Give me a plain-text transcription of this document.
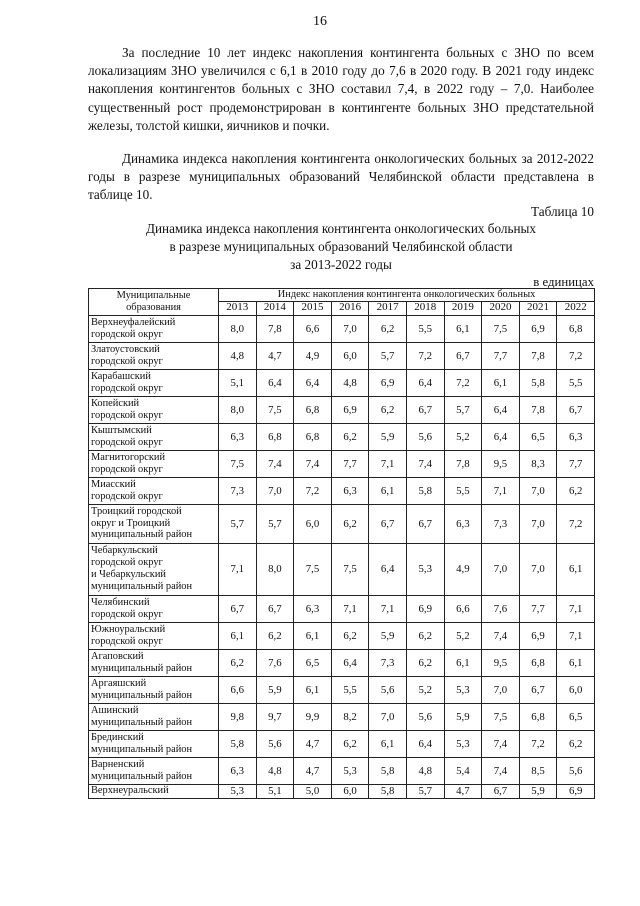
16

За последние 10 лет индекс накопления контингента больных с ЗНО по всем локализациям ЗНО увеличился с 6,1 в 2010 году до 7,6 в 2020 году. В 2021 году индекс накопления контингентов больных с ЗНО составил 7,4, в 2022 году – 7,0. Наиболее существенный рост продемонстрирован в контингенте больных ЗНО предстательной железы, толстой кишки, яичников и почки.

Динамика индекса накопления контингента онкологических больных за 2012-2022 годы в разрезе муниципальных образований Челябинской области представлена в таблице 10.

Таблица 10
Динамика индекса накопления контингента онкологических больных
в разрезе муниципальных образований Челябинской области
за 2013-2022 годы
в единицах
Муниципальные образования	Индекс накопления контингента онкологических больных									
	2013	2014	2015	2016	2017	2018	2019	2020	2021	2022

Верхнеуфалейский
городской округ	8,0	7,8	6,6	7,0	6,2	5,5	6,1	7,5	6,9	6,8

Златоустовский
городской округ	4,8	4,7	4,9	6,0	5,7	7,2	6,7	7,7	7,8	7,2

Карабашский
городской округ	5,1	6,4	6,4	4,8	6,9	6,4	7,2	6,1	5,8	5,5

Копейский
городской округ	8,0	7,5	6,8	6,9	6,2	6,7	5,7	6,4	7,8	6,7

Кыштымский
городской округ	6,3	6,8	6,8	6,2	5,9	5,6	5,2	6,4	6,5	6,3

Магнитогорский
городской округ	7,5	7,4	7,4	7,7	7,1	7,4	7,8	9,5	8,3	7,7

Миасский
городской округ	7,3	7,0	7,2	6,3	6,1	5,8	5,5	7,1	7,0	6,2

Троицкий городской
округ и Троицкий
муниципальный район	5,7	5,7	6,0	6,2	6,7	6,7	6,3	7,3	7,0	7,2

Чебаркульский
городской округ
и Чебаркульский
муниципальный район	7,1	8,0	7,5	7,5	6,4	5,3	4,9	7,0	7,0	6,1

Челябинский
городской округ	6,7	6,7	6,3	7,1	7,1	6,9	6,6	7,6	7,7	7,1

Южноуральский
городской округ	6,1	6,2	6,1	6,2	5,9	6,2	5,2	7,4	6,9	7,1

Агаповский
муниципальный район	6,2	7,6	6,5	6,4	7,3	6,2	6,1	9,5	6,8	6,1

Аргаяшский
муниципальный район	6,6	5,9	6,1	5,5	5,6	5,2	5,3	7,0	6,7	6,0

Ашинский
муниципальный район	9,8	9,7	9,9	8,2	7,0	5,6	5,9	7,5	6,8	6,5

Брединский
муниципальный район	5,8	5,6	4,7	6,2	6,1	6,4	5,3	7,4	7,2	6,2

Варненский
муниципальный район	6,3	4,8	4,7	5,3	5,8	4,8	5,4	7,4	8,5	5,6

Верхнеуральский	5,3	5,1	5,0	6,0	5,8	5,7	4,7	6,7	5,9	6,9
